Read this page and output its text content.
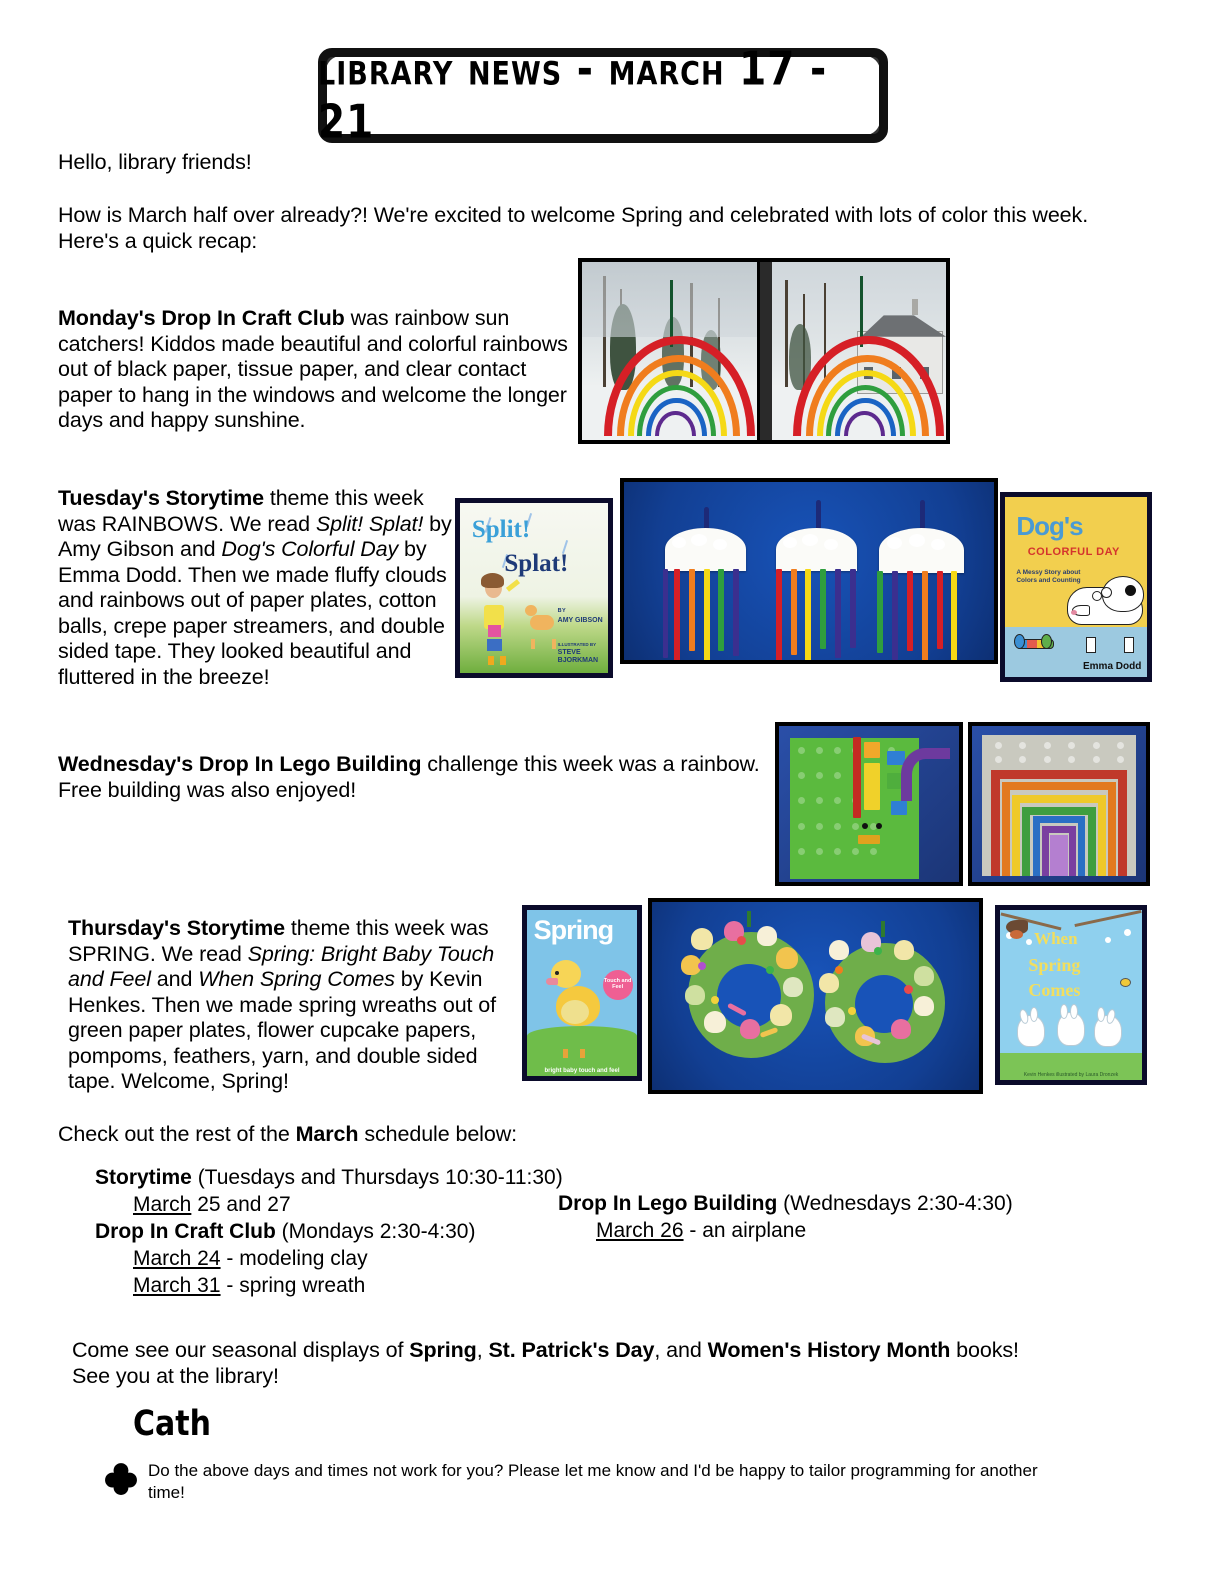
library news - march 17 - 21
Hello, library friends!
How is March half over already?! We're excited to welcome Spring and celebrated with lots of color this week. Here's a quick recap:
Monday's Drop In Craft Club was rainbow sun catchers! Kiddos made beautiful and colorful rainbows out of black paper, tissue paper, and clear contact paper to hang in the windows and welcome the longer days and happy sunshine.
Tuesday's Storytime theme this week was RAINBOWS. We read Split! Splat! by Amy Gibson and Dog's Colorful Day by Emma Dodd. Then we made fluffy clouds and rainbows out of paper plates, cotton balls, crepe paper streamers, and double sided tape. They looked beautiful and fluttered in the breeze!
Split!
Splat!
BY
AMY GIBSON
ILLUSTRATED BY
STEVE BJORKMAN
Dog's
COLORFUL DAY
A Messy Story about Colors and Counting
Emma Dodd
Wednesday's Drop In Lego Building challenge this week was a rainbow. Free building was also enjoyed!
Thursday's Storytime theme this week was SPRING. We read Spring: Bright Baby Touch and Feel and When Spring Comes by Kevin Henkes. Then we made spring wreaths out of green paper plates, flower cupcake papers, pompoms, feathers, yarn, and double sided tape. Welcome, Spring!
Spring
Touch and Feel
bright baby touch and feel
When
Spring
Comes
Kevin Henkes illustrated by Laura Dronzek
Check out the rest of the March schedule below:
Storytime (Tuesdays and Thursdays 10:30-11:30)
March 25 and 27
Drop In Craft Club (Mondays 2:30-4:30)
March 24 - modeling clay
March 31 - spring wreath
Drop In Lego Building (Wednesdays 2:30-4:30)
March 26 - an airplane
Come see our seasonal displays of Spring, St. Patrick's Day, and Women's History Month books!
See you at the library!
Cath
Do the above days and times not work for you? Please let me know and I'd be happy to tailor programming for another time!
